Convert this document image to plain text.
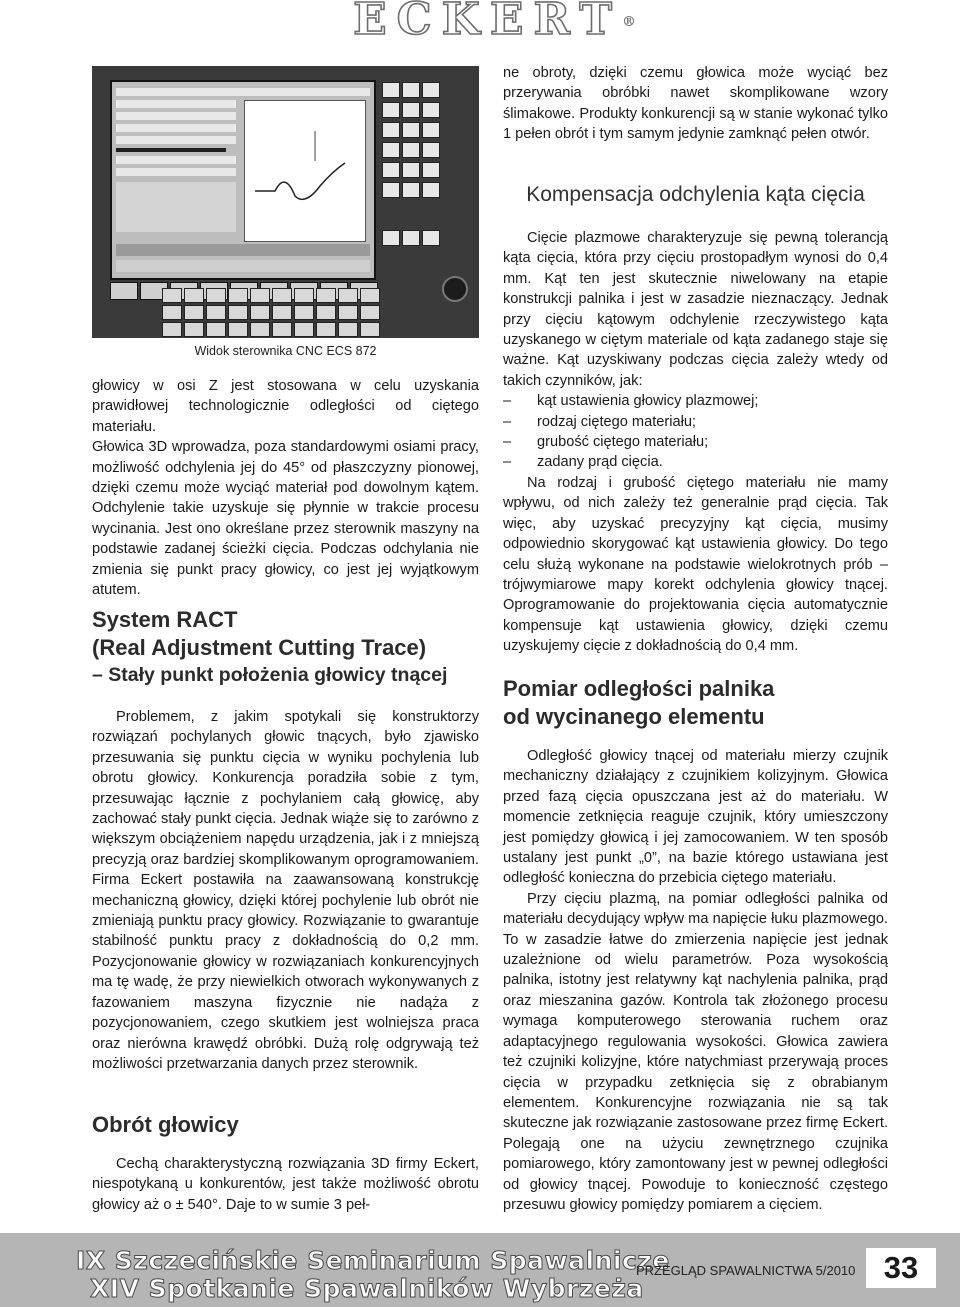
ECKERT ®
Widok sterownika CNC ECS 872

głowicy w osi Z jest stosowana w celu uzyskania prawidłowej technologicznie odległości od ciętego materiału.

Głowica 3D wprowadza, poza standardowymi osiami pracy, możliwość odchylenia jej do 45° od płaszczyzny pionowej, dzięki czemu może wyciąć materiał pod dowolnym kątem. Odchylenie takie uzyskuje się płynnie w trakcie procesu wycinania. Jest ono określane przez sterownik maszyny na podstawie zadanej ścieżki cięcia. Podczas odchylania nie zmienia się punkt pracy głowicy, co jest jej wyjątkowym atutem.

System RACT
(Real Adjustment Cutting Trace)
– Stały punkt położenia głowicy tnącej

Problemem, z jakim spotykali się konstruktorzy rozwiązań pochylanych głowic tnących, było zjawisko przesuwania się punktu cięcia w wyniku pochylenia lub obrotu głowicy. Konkurencja poradziła sobie z tym, przesuwając łącznie z pochylaniem całą głowicę, aby zachować stały punkt cięcia. Jednak wiąże się to zarówno z większym obciążeniem napędu urządzenia, jak i z mniejszą precyzją oraz bardziej skomplikowanym oprogramowaniem. Firma Eckert postawiła na zaawansowaną konstrukcję mechaniczną głowicy, dzięki której pochylenie lub obrót nie zmieniają punktu pracy głowicy. Rozwiązanie to gwarantuje stabilność punktu pracy z dokładnością do 0,2 mm. Pozycjonowanie głowicy w rozwiązaniach konkurencyjnych ma tę wadę, że przy niewielkich otworach wykonywanych z fazowaniem maszyna fizycznie nie nadąża z pozycjonowaniem, czego skutkiem jest wolniejsza praca oraz nierówna krawędź obróbki. Dużą rolę odgrywają też możliwości przetwarzania danych przez sterownik.

Obrót głowicy

Cechą charakterystyczną rozwiązania 3D firmy Eckert, niespotykaną u konkurentów, jest także możliwość obrotu głowicy aż o ± 540°. Daje to w sumie 3 peł-

ne obroty, dzięki czemu głowica może wyciąć bez przerywania obróbki nawet skomplikowane wzory ślimakowe. Produkty konkurencji są w stanie wykonać tylko 1 pełen obrót i tym samym jedynie zamknąć pełen otwór.

Kompensacja odchylenia kąta cięcia

Cięcie plazmowe charakteryzuje się pewną tolerancją kąta cięcia, która przy cięciu prostopadłym wynosi do 0,4 mm. Kąt ten jest skutecznie niwelowany na etapie konstrukcji palnika i jest w zasadzie nieznaczący. Jednak przy cięciu kątowym odchylenie rzeczywistego kąta uzyskanego w ciętym materiale od kąta zadanego staje się ważne. Kąt uzyskiwany podczas cięcia zależy wtedy od takich czynników, jak:

– kąt ustawienia głowicy plazmowej;
– rodzaj ciętego materiału;
– grubość ciętego materiału;
– zadany prąd cięcia.

Na rodzaj i grubość ciętego materiału nie mamy wpływu, od nich zależy też generalnie prąd cięcia. Tak więc, aby uzyskać precyzyjny kąt cięcia, musimy odpowiednio skorygować kąt ustawienia głowicy. Do tego celu służą wykonane na podstawie wielokrotnych prób – trójwymiarowe mapy korekt odchylenia głowicy tnącej. Oprogramowanie do projektowania cięcia automatycznie kompensuje kąt ustawienia głowicy, dzięki czemu uzyskujemy cięcie z dokładnością do 0,4 mm.

Pomiar odległości palnika
od wycinanego elementu

Odległość głowicy tnącej od materiału mierzy czujnik mechaniczny działający z czujnikiem kolizyjnym. Głowica przed fazą cięcia opuszczana jest aż do materiału. W momencie zetknięcia reaguje czujnik, który umieszczony jest pomiędzy głowicą i jej zamocowaniem. W ten sposób ustalany jest punkt „0”, na bazie którego ustawiana jest odległość konieczna do przebicia ciętego materiału.

Przy cięciu plazmą, na pomiar odległości palnika od materiału decydujący wpływ ma napięcie łuku plazmowego. To w zasadzie łatwe do zmierzenia napięcie jest jednak uzależnione od wielu parametrów. Poza wysokością palnika, istotny jest relatywny kąt nachylenia palnika, prąd oraz mieszanina gazów. Kontrola tak złożonego procesu wymaga komputerowego sterowania ruchem oraz adaptacyjnego regulowania wysokości. Głowica zawiera też czujniki kolizyjne, które natychmiast przerywają proces cięcia w przypadku zetknięcia się z obrabianym elementem. Konkurencyjne rozwiązania nie są tak skuteczne jak rozwiązanie zastosowane przez firmę Eckert. Polegają one na użyciu zewnętrznego czujnika pomiarowego, który zamontowany jest w pewnej odległości od głowicy tnącej. Powoduje to konieczność częstego przesuwu głowicy pomiędzy pomiarem a cięciem.

IX Szczecińskie Seminarium Spawalnicze
XIV Spotkanie Spawalników Wybrzeża
PRZEGLĄD SPAWALNICTWA 5/2010 33
